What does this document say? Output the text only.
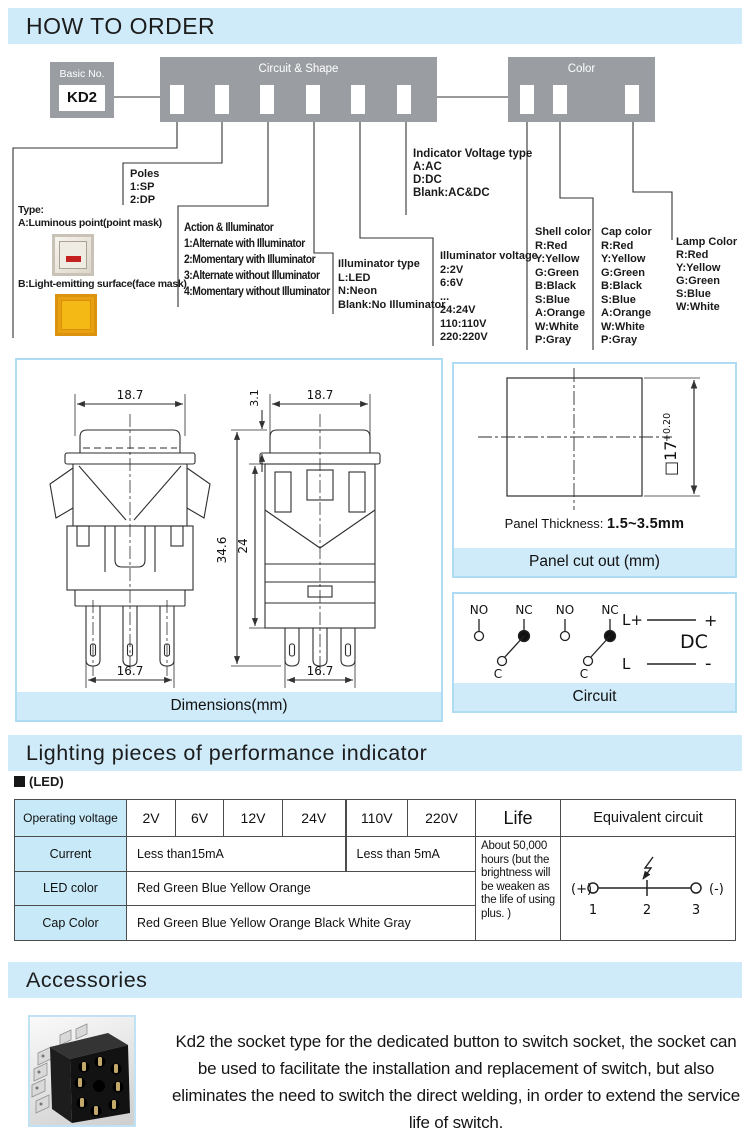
HOW TO ORDER
Basic No.
KD2
Circuit & Shape	Color
Type:
A:Luminous point(point mask)
B:Light-emitting surface(face mask)
Poles
1:SP
2:DP
Action & Illuminator
1:Alternate with Illuminator
2:Momentary with Illuminator
3:Alternate without Illuminator
4:Momentary without Illuminator
Illuminator type
L:LED
N:Neon
Blank:No Illuminator
Indicator Voltage type
A:AC
D:DC
Blank:AC&DC
Illuminator voltage
2:2V
6:6V
...
24:24V
110:110V
220:220V
Shell color
R:Red
Y:Yellow
G:Green
B:Black
S:Blue
A:Orange
W:White
P:Gray
Cap color
R:Red
Y:Yellow
G:Green
B:Black
S:Blue
A:Orange
W:White
P:Gray
Lamp Color
R:Red
Y:Yellow
G:Green
S:Blue
W:White
18.7
16.7
18.7
16.7
34.6 24
3.1
Dimensions(mm)
□17
+0.20
Panel Thickness: 1.5~3.5mm
Panel cut out (mm)
NO NC
C
NO NC
C
L+	+
DC
L	-
Circuit
Lighting pieces of performance indicator
(LED)
Operating voltage	2V	6V	12V	24V	110V	220V	Life	Equivalent circuit
Current	Less than15mA				Less than 5mA		About 50,000 hours (but the brightness will be weaken as the life of using plus. )	(+) (-)
1 2 3

LED color	Red Green Blue Yellow Orange							
Cap Color	Red Green Blue Yellow Orange Black White Gray							
Accessories
Kd2 the socket type for the dedicated button to switch socket, the socket can be used to facilitate the installation and replacement of switch, but also eliminates the need to switch the direct welding, in order to extend the service life of switch.
